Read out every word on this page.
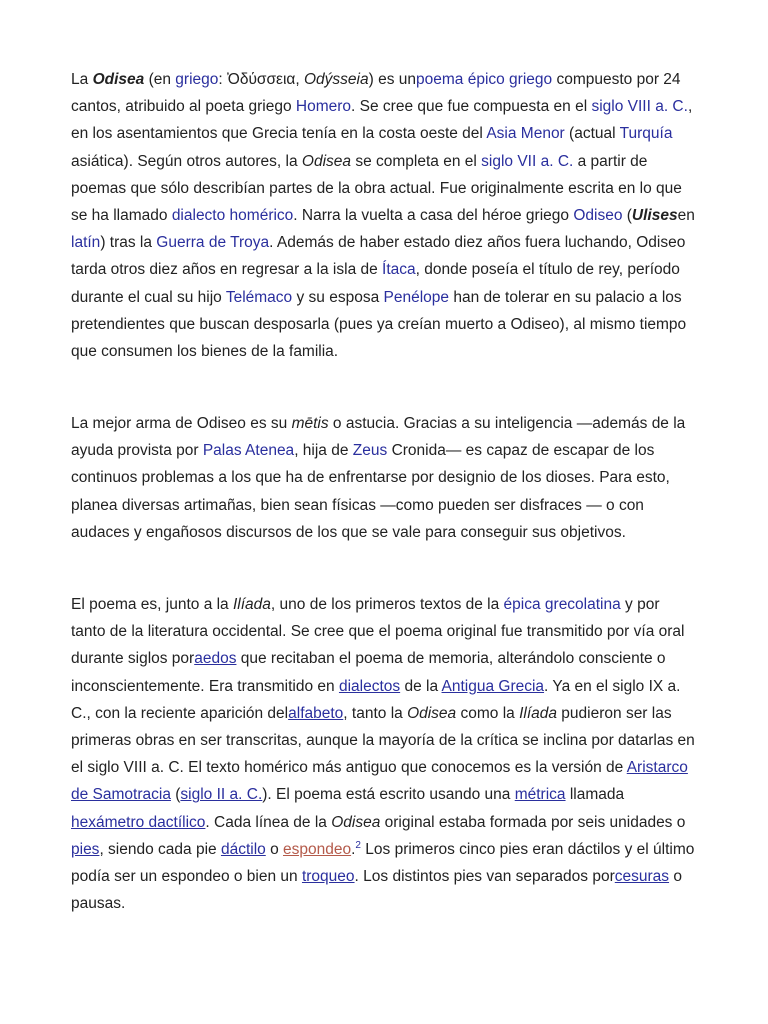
La Odisea (en griego: Ὀδύσσεια, Odýsseia) es unpoema épico griego compuesto por 24 cantos, atribuido al poeta griego Homero. Se cree que fue compuesta en el siglo VIII a. C., en los asentamientos que Grecia tenía en la costa oeste del Asia Menor (actual Turquía asiática). Según otros autores, la Odisea se completa en el siglo VII a. C. a partir de poemas que sólo describían partes de la obra actual. Fue originalmente escrita en lo que se ha llamado dialecto homérico. Narra la vuelta a casa del héroe griego Odiseo (Ulisesen latín) tras la Guerra de Troya. Además de haber estado diez años fuera luchando, Odiseo tarda otros diez años en regresar a la isla de Ítaca, donde poseía el título de rey, período durante el cual su hijo Telémaco y su esposa Penélope han de tolerar en su palacio a los pretendientes que buscan desposarla (pues ya creían muerto a Odiseo), al mismo tiempo que consumen los bienes de la familia.

La mejor arma de Odiseo es su mētis o astucia. Gracias a su inteligencia —además de la ayuda provista por Palas Atenea, hija de Zeus Cronida— es capaz de escapar de los continuos problemas a los que ha de enfrentarse por designio de los dioses. Para esto, planea diversas artimañas, bien sean físicas —como pueden ser disfraces — o con audaces y engañosos discursos de los que se vale para conseguir sus objetivos.

El poema es, junto a la Ilíada, uno de los primeros textos de la épica grecolatina y por tanto de la literatura occidental. Se cree que el poema original fue transmitido por vía oral durante siglos poraedos que recitaban el poema de memoria, alterándolo consciente o inconscientemente. Era transmitido en dialectos de la Antigua Grecia. Ya en el siglo IX a. C., con la reciente aparición delalfabeto, tanto la Odisea como la Ilíada pudieron ser las primeras obras en ser transcritas, aunque la mayoría de la crítica se inclina por datarlas en el siglo VIII a. C. El texto homérico más antiguo que conocemos es la versión de Aristarco de Samotracia (siglo II a. C.). El poema está escrito usando una métrica llamada hexámetro dactílico. Cada línea de la Odisea original estaba formada por seis unidades o pies, siendo cada pie dáctilo o espondeo.$^2$ Los primeros cinco pies eran dáctilos y el último podía ser un espondeo o bien un troqueo. Los distintos pies van separados porcesuras o pausas.
